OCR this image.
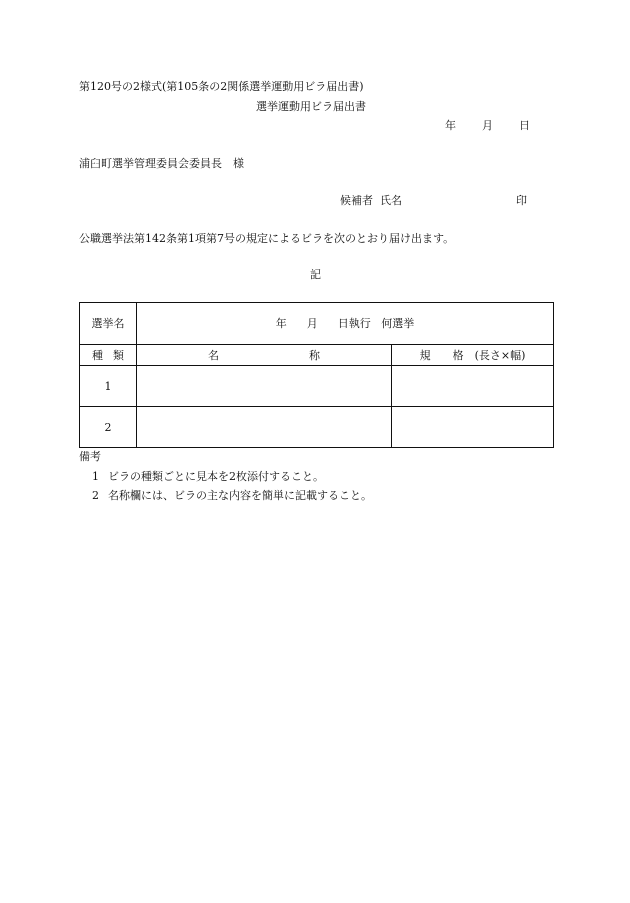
第120号の2様式(第105条の2関係選挙運動用ビラ届出書)
選挙運動用ビラ届出書
年 月 日
浦臼町選挙管理委員会委員長　様
候補者 氏名	印
公職選挙法第142条第1項第7号の規定によるビラを次のとおり届け出ます。
記
選挙名	年 月 日執行 何選挙	
種類	名 称	規　　格　(長さ×幅)
1		
2		
備考
1 ビラの種類ごとに見本を2枚添付すること。
2 名称欄には、ビラの主な内容を簡単に記載すること。
